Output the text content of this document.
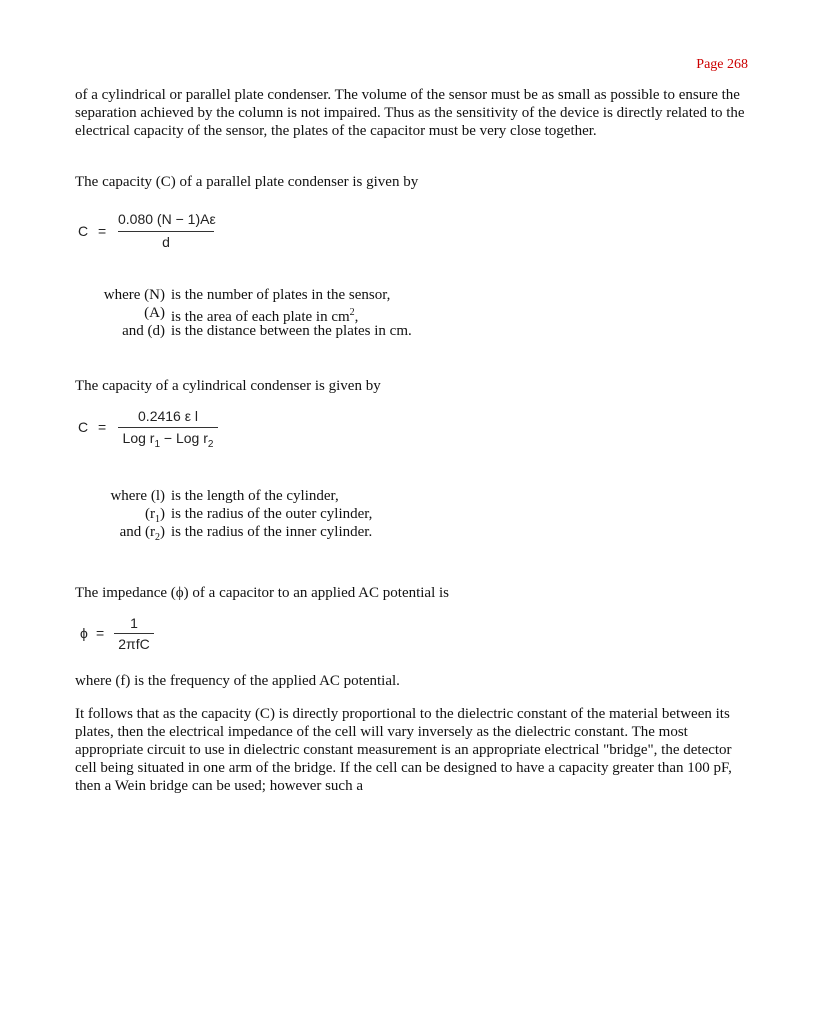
Page 268

of a cylindrical or parallel plate condenser. The volume of the sensor must be as small as possible to ensure the separation achieved by the column is not impaired. Thus as the sensitivity of the device is directly related to the electrical capacity of the sensor, the plates of the capacitor must be very close together.

The capacity (C) of a parallel plate condenser is given by

C =
0.080 (N − 1)Aε
d
where (N) is the number of plates in the sensor,
(A) is the area of each plate in $cm^2$,
and (d) is the distance between the plates in cm.

The capacity of a cylindrical condenser is given by

C =
0.2416 ε l
Log $r_1$ − Log $r_2$
where (l) is the length of the cylinder,
$(r_1)$ is the radius of the outer cylinder,
and $(r_2)$ is the radius of the inner cylinder.

The impedance (ϕ) of a capacitor to an applied AC potential is

ϕ =
1
2πfC

where (f) is the frequency of the applied AC potential.

It follows that as the capacity (C) is directly proportional to the dielectric constant of the material between its plates, then the electrical impedance of the cell will vary inversely as the dielectric constant. The most appropriate circuit to use in dielectric constant measurement is an appropriate electrical "bridge", the detector cell being situated in one arm of the bridge. If the cell can be designed to have a capacity greater than 100 pF, then a Wein bridge can be used; however such a
